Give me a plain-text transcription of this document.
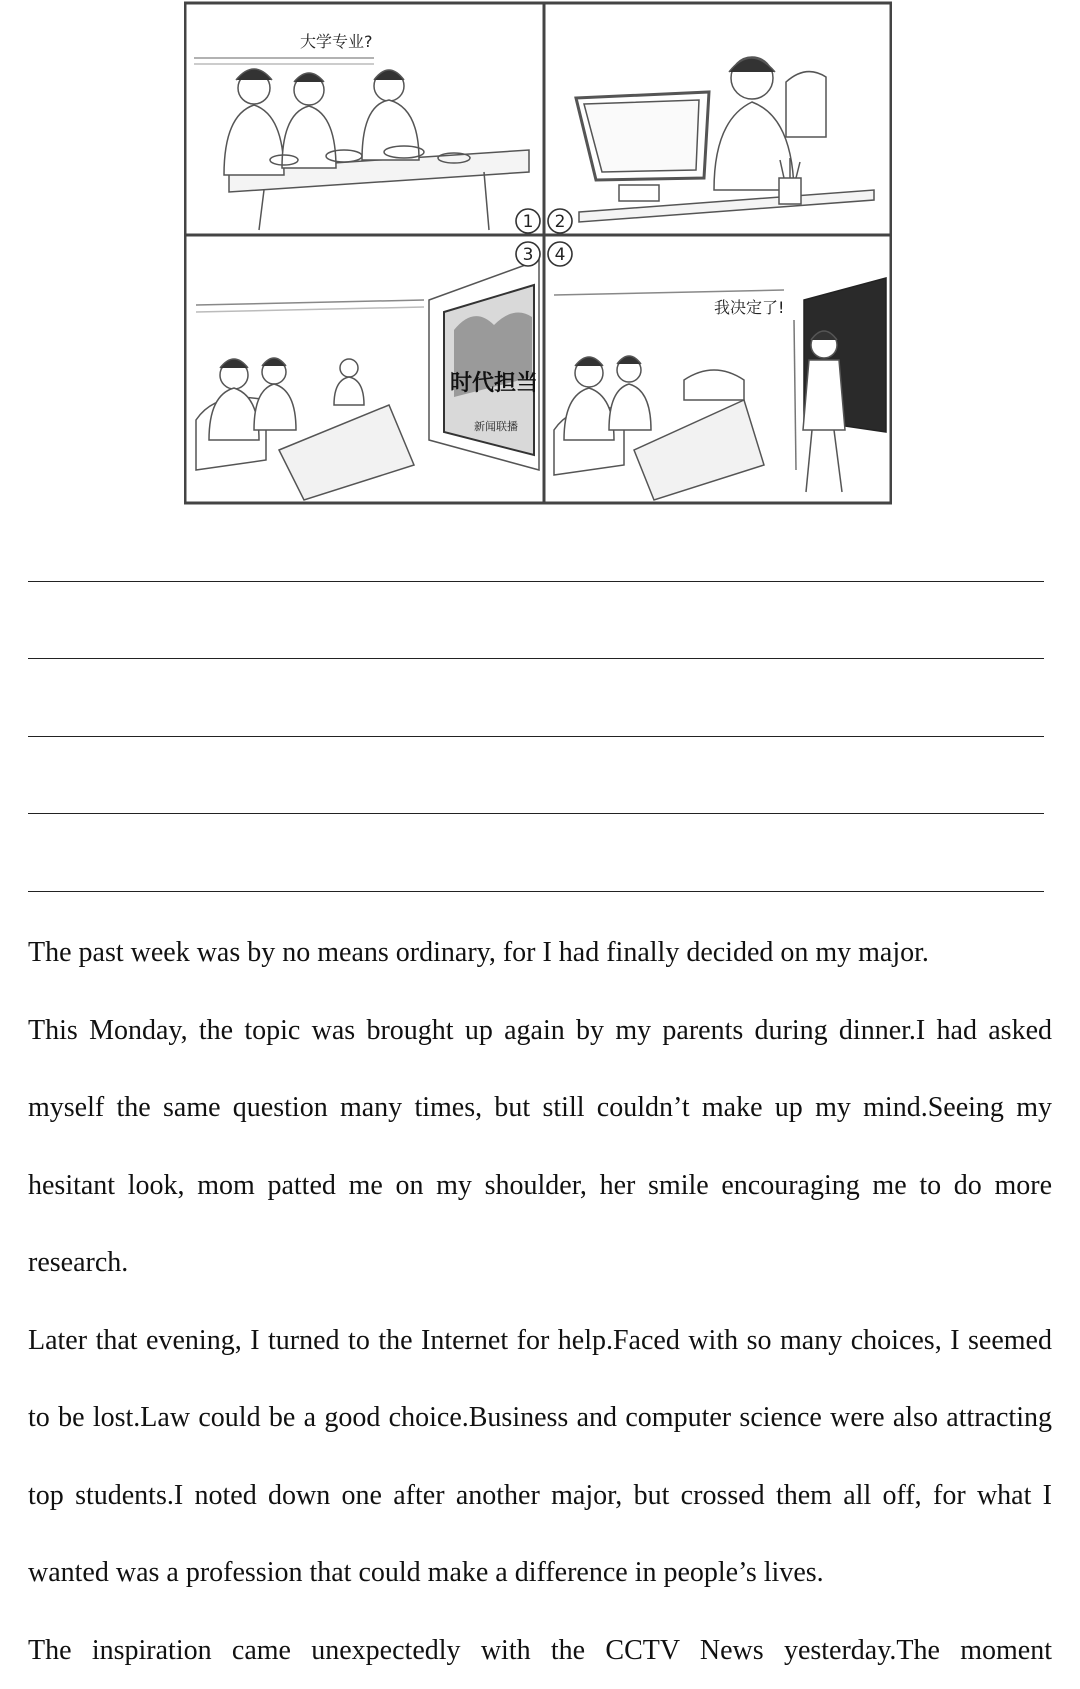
大学专业?
时代担当
新闻联播
我决定了!
1 2
3 4

The past week was by no means ordinary, for I had finally decided on my major.

This Monday, the topic was brought up again by my parents during dinner.I had asked myself the same question many times, but still couldn’t make up my mind.Seeing my hesitant look, mom patted me on my shoulder, her smile encouraging me to do more research.

Later that evening, I turned to the Internet for help.Faced with so many choices, I seemed to be lost.Law could be a good choice.Business and computer science were also attracting top students.I noted down one after another major, but crossed them all off, for what I wanted was a profession that could make a difference in people’s lives.

The inspiration came unexpectedly with the CCTV News yesterday.The moment
